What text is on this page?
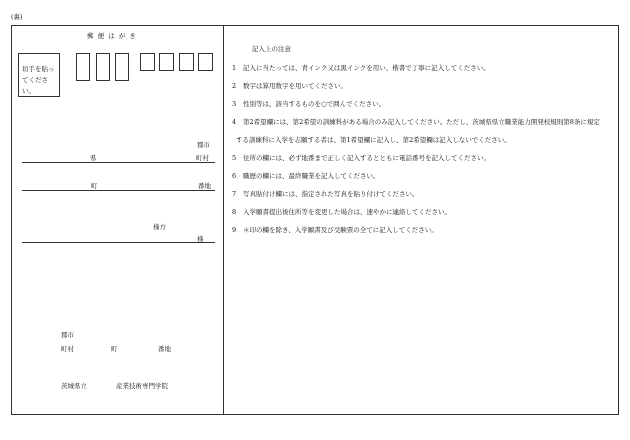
(裏)
郵 便 は が き
切手を貼ってください。
郡市
県	町村
町	番地
様方
様
郡市
町村	町	番地
茨城県立	産業技術専門学院
記入上の注意
1 記入に当たっては、青インク又は黒インクを用い、楷書で丁寧に記入してください。
2 数字は算用数字を用いてください。
3 性別等は、該当するものを○で囲んでください。
4 第2希望欄には、第2希望の訓練科がある場合のみ記入してください。ただし、茨城県県立職業能力開発校規則第8条に規定
する訓練科に入学を志願する者は、第1希望欄に記入し、第2希望欄は記入しないでください。
5 住所の欄には、必ず地番まで正しく記入するとともに電話番号を記入してください。
6 職歴の欄には、最終職業を記入してください。
7 写真貼付け欄には、指定された写真を貼り付けてください。
8 入学願書提出後住所等を変更した場合は、速やかに連絡してください。
9 ＊印の欄を除き、入学願書及び受験票の全てに記入してください。
